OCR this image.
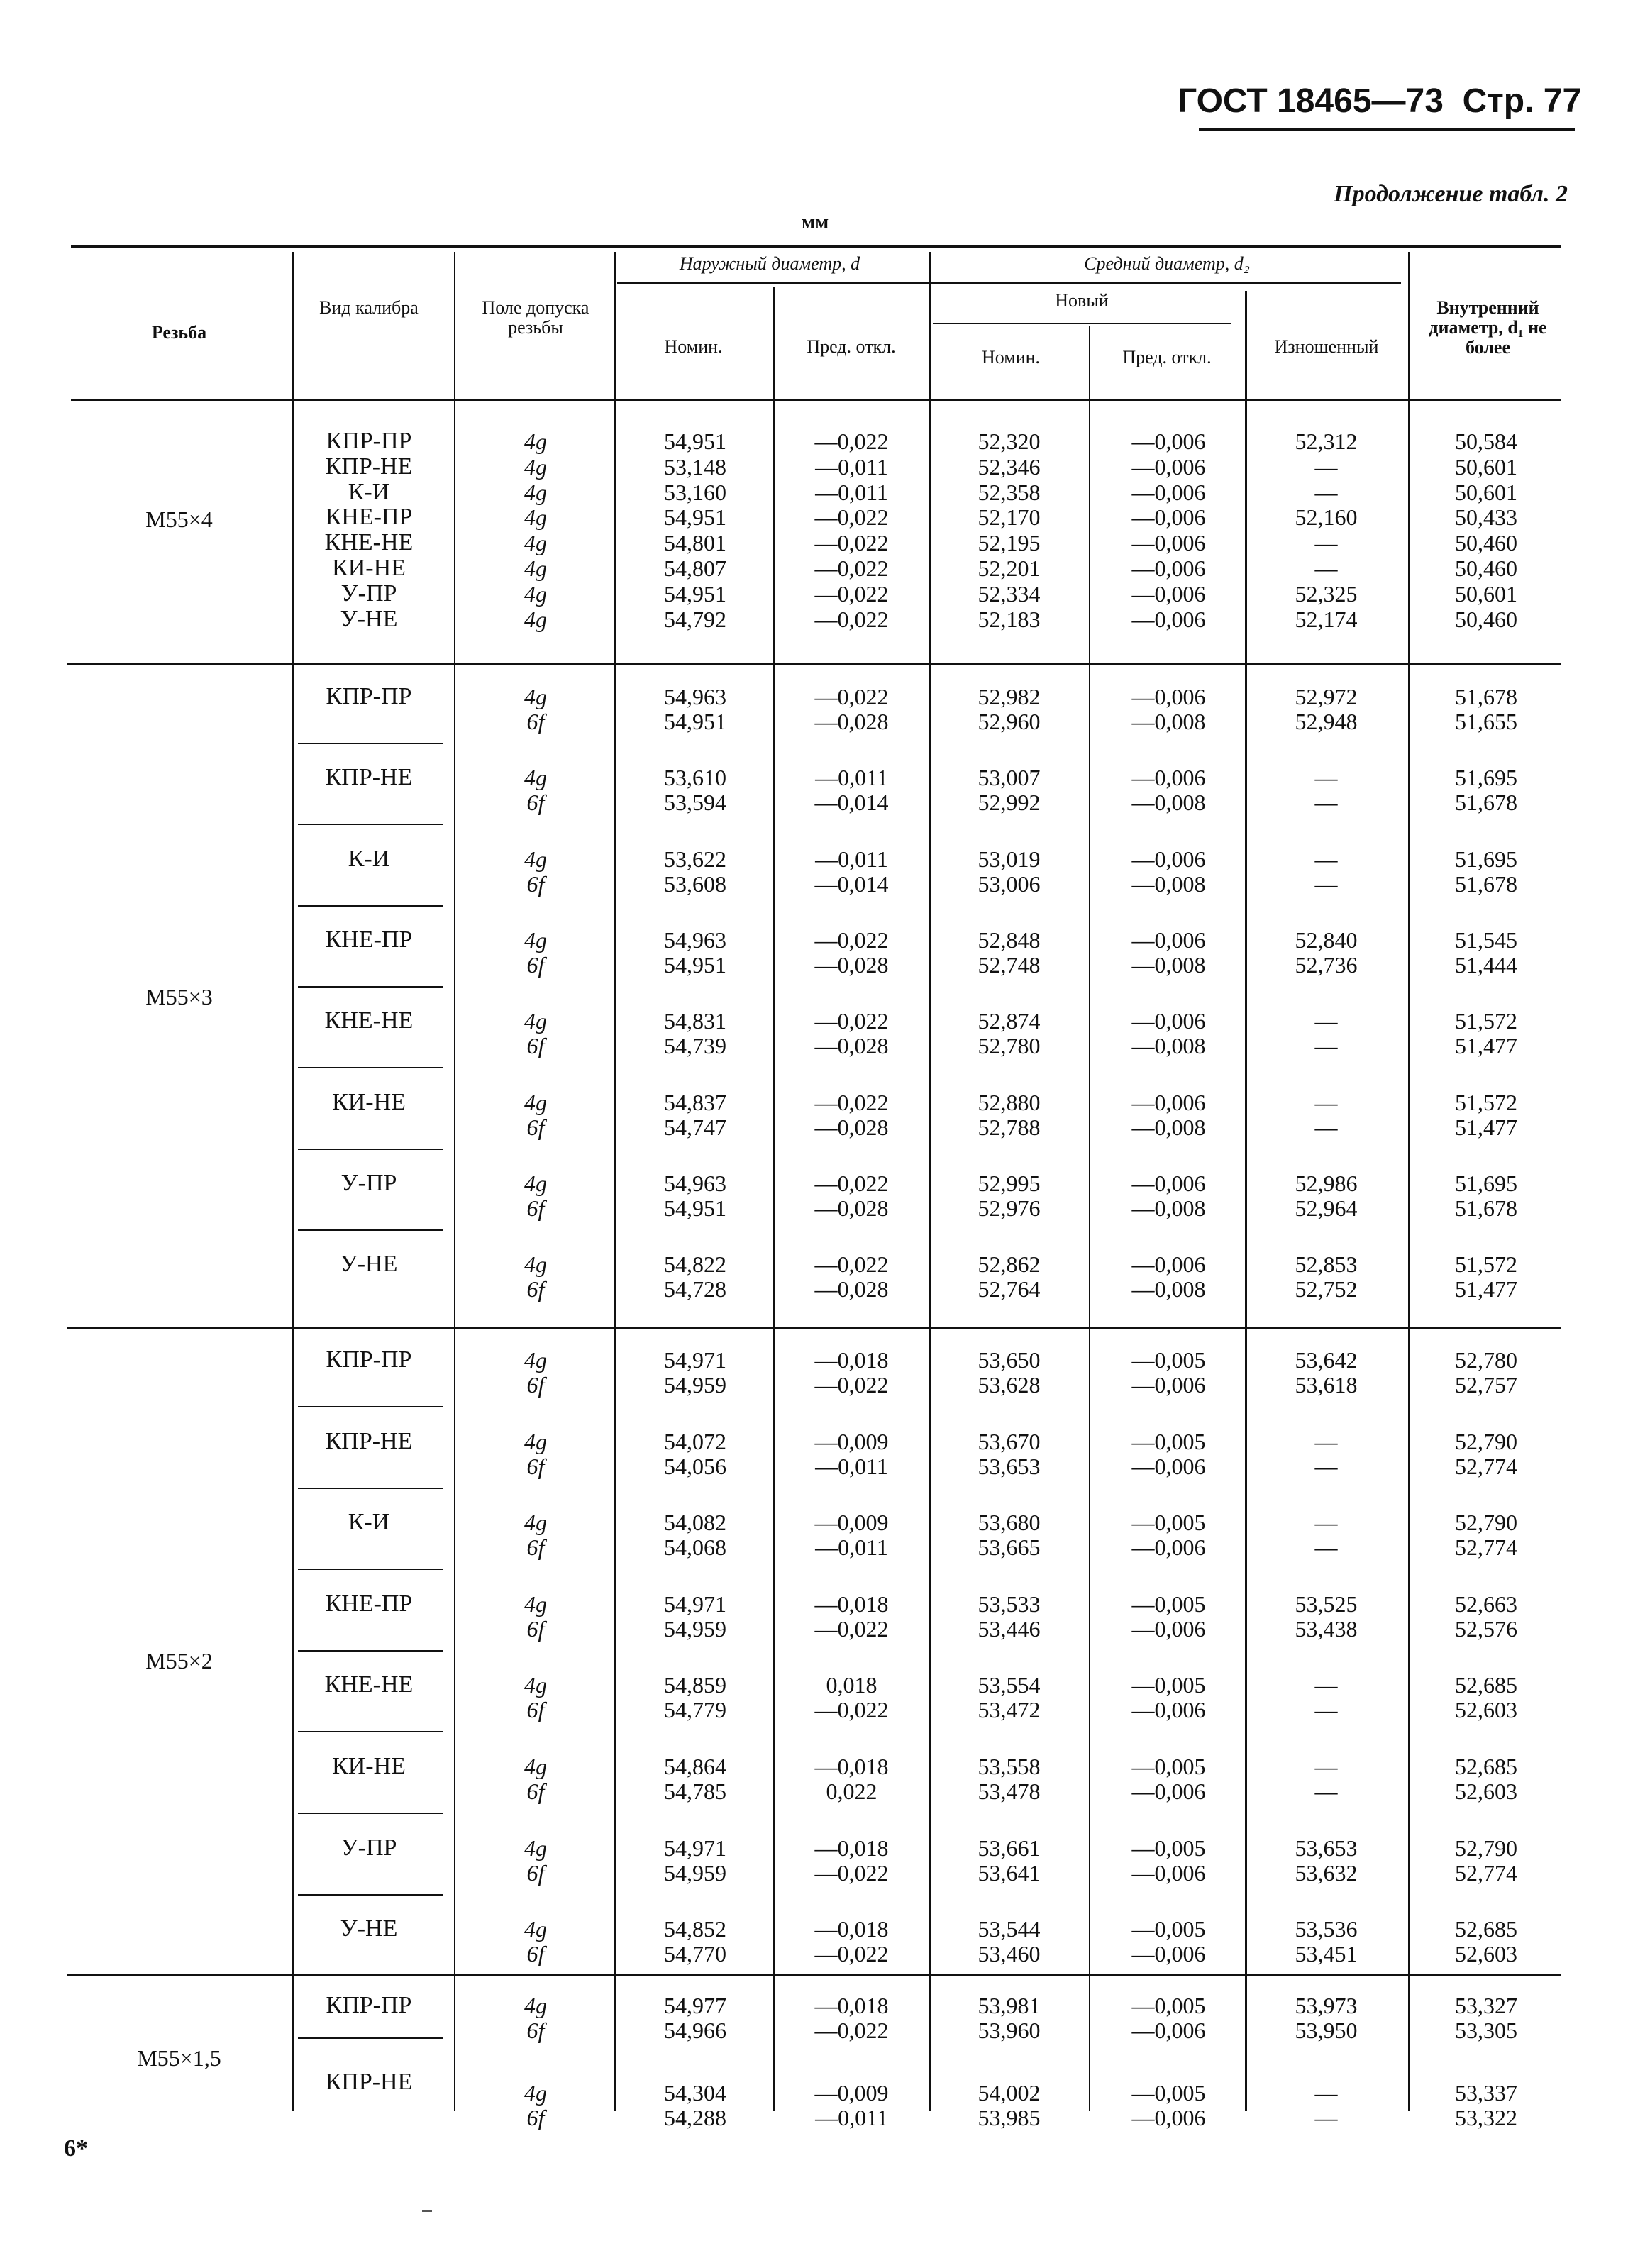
ГОСТ 18465—73 Стр. 77
Продолжение табл. 2
мм
Резьба
Вид калибра	Поле допуска резьбы
Наружный диаметр, d	Средний диаметр, d₂
Новый
Номин.	Пред. откл.
Номин.	Пред. откл.
Изношенный
Внутренний диаметр, d₁ не более
M55×4
КПР-ПР	4g	54,951	—0,022	52,320	—0,006	52,312	50,584
КПР-НЕ	4g	53,148	—0,011	52,346	—0,006	—	50,601
К-И	4g	53,160	—0,011	52,358	—0,006	—	50,601
КНЕ-ПР	4g	54,951	—0,022	52,170	—0,006	52,160	50,433
КНЕ-НЕ	4g	54,801	—0,022	52,195	—0,006	—	50,460
КИ-НЕ	4g	54,807	—0,022	52,201	—0,006	—	50,460
У-ПР	4g	54,951	—0,022	52,334	—0,006	52,325	50,601
У-НЕ	4g	54,792	—0,022	52,183	—0,006	52,174	50,460
M55×3
КПР-ПР	4g	54,963	—0,022	52,982	—0,006	52,972	51,678
6f	54,951	—0,028	52,960	—0,008	52,948	51,655
КПР-НЕ	4g	53,610	—0,011	53,007	—0,006	—	51,695
6f	53,594	—0,014	52,992	—0,008	—	51,678
К-И	4g	53,622	—0,011	53,019	—0,006	—	51,695
6f	53,608	—0,014	53,006	—0,008	—	51,678
КНЕ-ПР	4g	54,963	—0,022	52,848	—0,006	52,840	51,545
6f	54,951	—0,028	52,748	—0,008	52,736	51,444
КНЕ-НЕ	4g	54,831	—0,022	52,874	—0,006	—	51,572
6f	54,739	—0,028	52,780	—0,008	—	51,477
КИ-НЕ	4g	54,837	—0,022	52,880	—0,006	—	51,572
6f	54,747	—0,028	52,788	—0,008	—	51,477
У-ПР	4g	54,963	—0,022	52,995	—0,006	52,986	51,695
6f	54,951	—0,028	52,976	—0,008	52,964	51,678
У-НЕ	4g	54,822	—0,022	52,862	—0,006	52,853	51,572
6f	54,728	—0,028	52,764	—0,008	52,752	51,477
M55×2
КПР-ПР	4g	54,971	—0,018	53,650	—0,005	53,642	52,780
6f	54,959	—0,022	53,628	—0,006	53,618	52,757
КПР-НЕ	4g	54,072	—0,009	53,670	—0,005	—	52,790
6f	54,056	—0,011	53,653	—0,006	—	52,774
К-И	4g	54,082	—0,009	53,680	—0,005	—	52,790
6f	54,068	—0,011	53,665	—0,006	—	52,774
КНЕ-ПР	4g	54,971	—0,018	53,533	—0,005	53,525	52,663
6f	54,959	—0,022	53,446	—0,006	53,438	52,576
КНЕ-НЕ	4g	54,859	0,018	53,554	—0,005	—	52,685
6f	54,779	—0,022	53,472	—0,006	—	52,603
КИ-НЕ	4g	54,864	—0,018	53,558	—0,005	—	52,685
6f	54,785	0,022	53,478	—0,006	—	52,603
У-ПР	4g	54,971	—0,018	53,661	—0,005	53,653	52,790
6f	54,959	—0,022	53,641	—0,006	53,632	52,774
У-НЕ	4g	54,852	—0,018	53,544	—0,005	53,536	52,685
6f	54,770	—0,022	53,460	—0,006	53,451	52,603
M55×1,5
КПР-ПР	4g	54,977	—0,018	53,981	—0,005	53,973	53,327
6f	54,966	—0,022	53,960	—0,006	53,950	53,305
КПР-НЕ	4g	54,304	—0,009	54,002	—0,005	—	53,337
6f	54,288	—0,011	53,985	—0,006	—	53,322
6*
